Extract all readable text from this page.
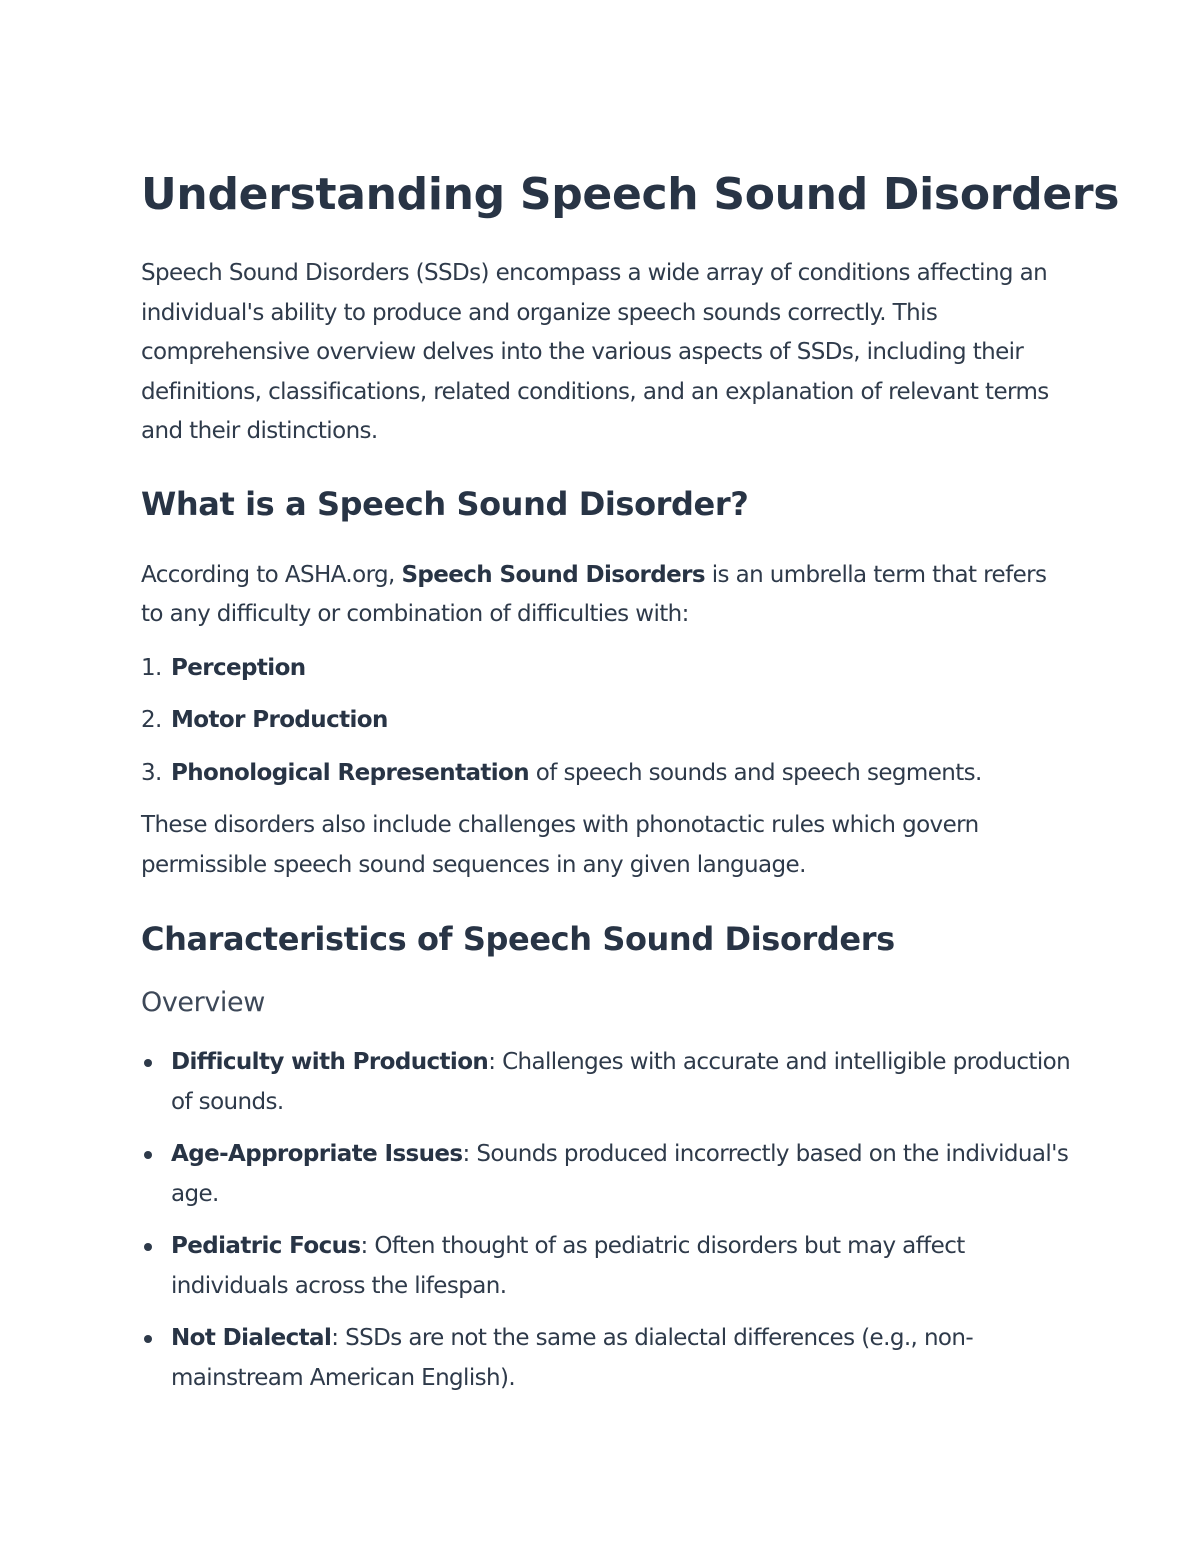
Understanding Speech Sound Disorders

Speech Sound Disorders (SSDs) encompass a wide array of conditions affecting an individual's ability to produce and organize speech sounds correctly. This comprehensive overview delves into the various aspects of SSDs, including their definitions, classifications, related conditions, and an explanation of relevant terms and their distinctions.

What is a Speech Sound Disorder?

According to ASHA.org, Speech Sound Disorders is an umbrella term that refers to any difficulty or combination of difficulties with:

1. Perception
2. Motor Production
3. Phonological Representation of speech sounds and speech segments.

These disorders also include challenges with phonotactic rules which govern permissible speech sound sequences in any given language.

Characteristics of Speech Sound Disorders
Overview
Difficulty with Production: Challenges with accurate and intelligible production of sounds.
Age-Appropriate Issues: Sounds produced incorrectly based on the individual's age.
Pediatric Focus: Often thought of as pediatric disorders but may affect individuals across the lifespan.
Not Dialectal: SSDs are not the same as dialectal differences (e.g., non-mainstream American English).
